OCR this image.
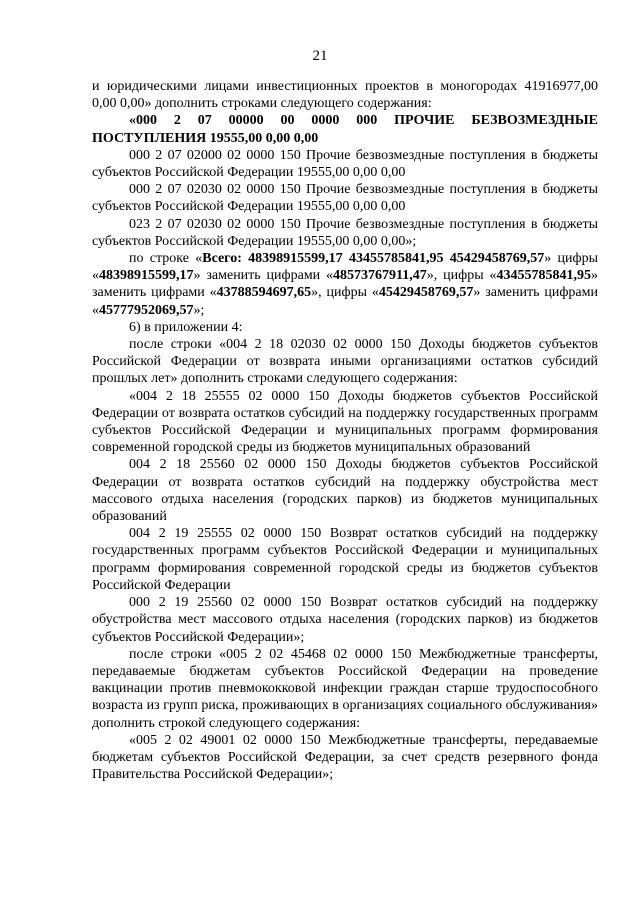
21

и юридическими лицами инвестиционных проектов в моногородах 41916977,00 0,00 0,00» дополнить строками следующего содержания:

«000 2 07 00000 00 0000 000 ПРОЧИЕ БЕЗВОЗМЕЗДНЫЕ ПОСТУПЛЕНИЯ 19555,00 0,00 0,00

000 2 07 02000 02 0000 150 Прочие безвозмездные поступления в бюджеты субъектов Российской Федерации 19555,00 0,00 0,00

000 2 07 02030 02 0000 150 Прочие безвозмездные поступления в бюджеты субъектов Российской Федерации 19555,00 0,00 0,00

023 2 07 02030 02 0000 150 Прочие безвозмездные поступления в бюджеты субъектов Российской Федерации 19555,00 0,00 0,00»;

по строке «Всего: 48398915599,17 43455785841,95 45429458769,57» цифры «48398915599,17» заменить цифрами «48573767911,47», цифры «43455785841,95» заменить цифрами «43788594697,65», цифры «45429458769,57» заменить цифрами «45777952069,57»;

6) в приложении 4:

после строки «004 2 18 02030 02 0000 150 Доходы бюджетов субъектов Российской Федерации от возврата иными организациями остатков субсидий прошлых лет» дополнить строками следующего содержания:

«004 2 18 25555 02 0000 150 Доходы бюджетов субъектов Российской Федерации от возврата остатков субсидий на поддержку государственных программ субъектов Российской Федерации и муниципальных программ формирования современной городской среды из бюджетов муниципальных образований

004 2 18 25560 02 0000 150 Доходы бюджетов субъектов Российской Федерации от возврата остатков субсидий на поддержку обустройства мест массового отдыха населения (городских парков) из бюджетов муниципальных образований

004 2 19 25555 02 0000 150 Возврат остатков субсидий на поддержку государственных программ субъектов Российской Федерации и муниципальных программ формирования современной городской среды из бюджетов субъектов Российской Федерации

000 2 19 25560 02 0000 150 Возврат остатков субсидий на поддержку обустройства мест массового отдыха населения (городских парков) из бюджетов субъектов Российской Федерации»;

после строки «005 2 02 45468 02 0000 150 Межбюджетные трансферты, передаваемые бюджетам субъектов Российской Федерации на проведение вакцинации против пневмококковой инфекции граждан старше трудоспособного возраста из групп риска, проживающих в организациях социального обслуживания» дополнить строкой следующего содержания:

«005 2 02 49001 02 0000 150 Межбюджетные трансферты, передаваемые бюджетам субъектов Российской Федерации, за счет средств резервного фонда Правительства Российской Федерации»;
